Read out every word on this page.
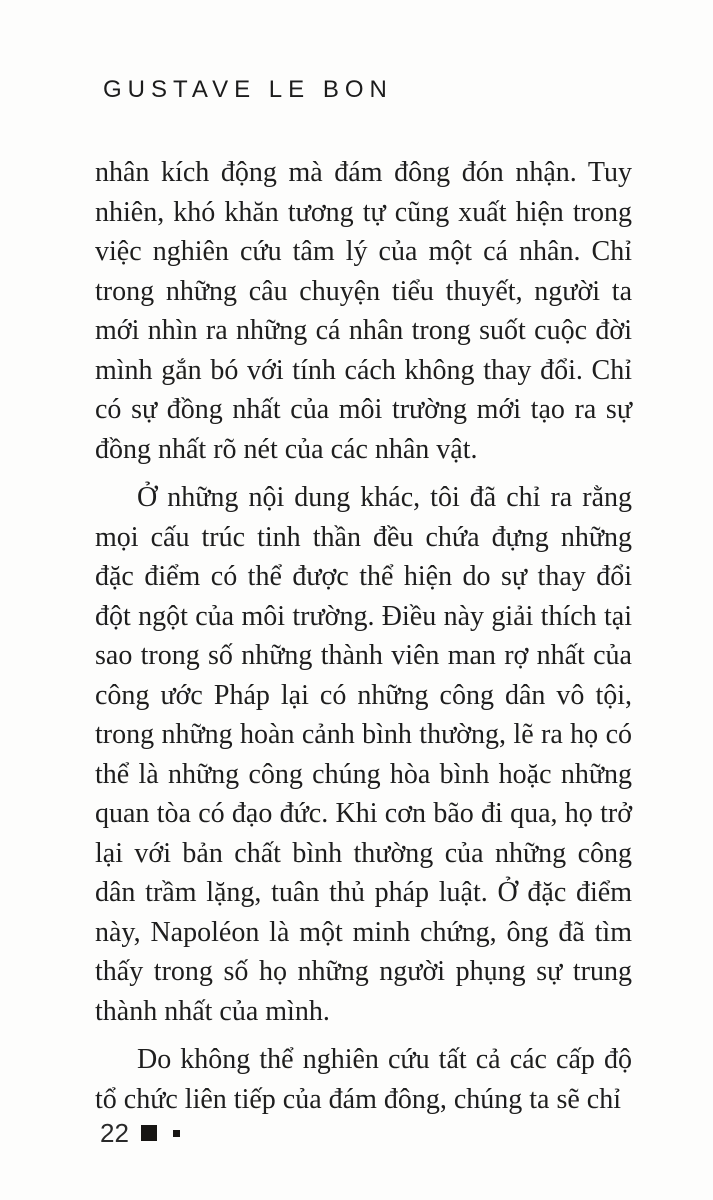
GUSTAVE LE BON

nhân kích động mà đám đông đón nhận. Tuy nhiên, khó khăn tương tự cũng xuất hiện trong việc nghiên cứu tâm lý của một cá nhân. Chỉ trong những câu chuyện tiểu thuyết, người ta mới nhìn ra những cá nhân trong suốt cuộc đời mình gắn bó với tính cách không thay đổi. Chỉ có sự đồng nhất của môi trường mới tạo ra sự đồng nhất rõ nét của các nhân vật.

Ở những nội dung khác, tôi đã chỉ ra rằng mọi cấu trúc tinh thần đều chứa đựng những đặc điểm có thể được thể hiện do sự thay đổi đột ngột của môi trường. Điều này giải thích tại sao trong số những thành viên man rợ nhất của công ước Pháp lại có những công dân vô tội, trong những hoàn cảnh bình thường, lẽ ra họ có thể là những công chúng hòa bình hoặc những quan tòa có đạo đức. Khi cơn bão đi qua, họ trở lại với bản chất bình thường của những công dân trầm lặng, tuân thủ pháp luật. Ở đặc điểm này, Napoléon là một minh chứng, ông đã tìm thấy trong số họ những người phụng sự trung thành nhất của mình.

Do không thể nghiên cứu tất cả các cấp độ tổ chức liên tiếp của đám đông, chúng ta sẽ chỉ

22
